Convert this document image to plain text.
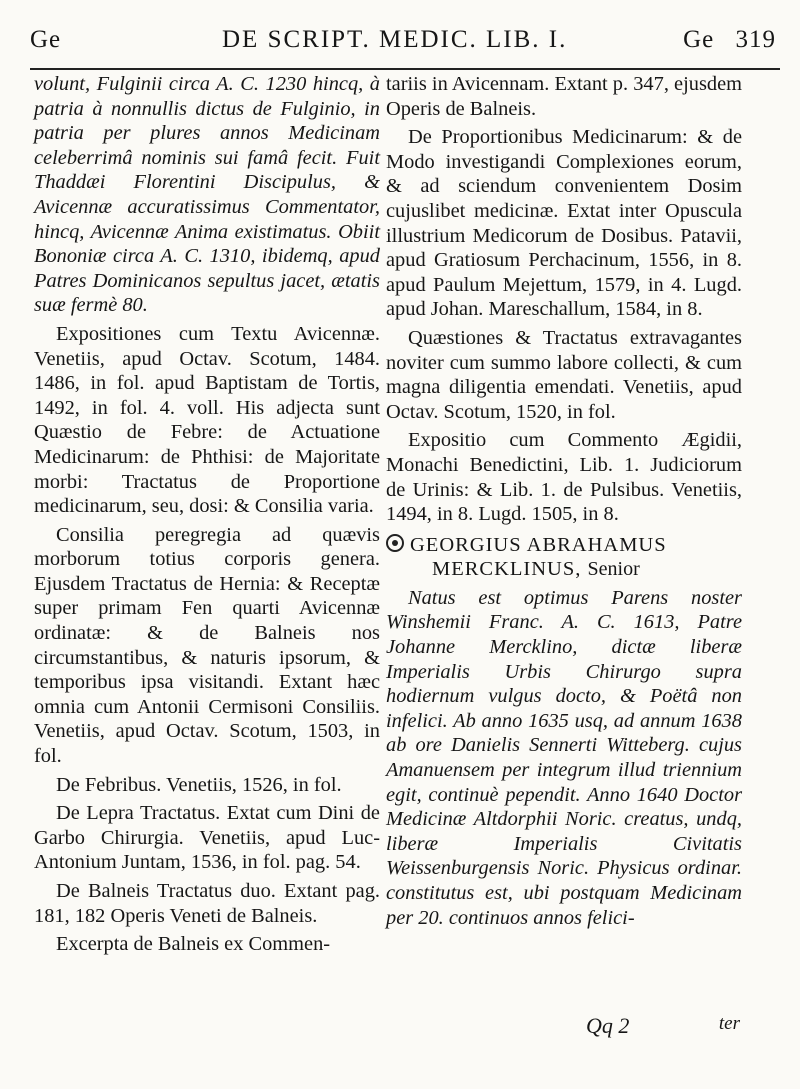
Ge	DE SCRIPT. MEDIC. LIB. I.	Ge 319

volunt, Fulginii circa A. C. 1230 hincq, à patria à nonnullis dictus de Fulginio, in patria per plures annos Medicinam celeberrimâ nominis sui famâ fecit. Fuit Thaddæi Florentini Discipulus, & Avicennæ accuratissimus Commentator, hincq, Avicennæ Anima existimatus. Obiit Bononiæ circa A. C. 1310, ibidemq, apud Patres Dominicanos sepultus jacet, ætatis suæ fermè 80.

Expositiones cum Textu Avicennæ. Venetiis, apud Octav. Scotum, 1484. 1486, in fol. apud Baptistam de Tortis, 1492, in fol. 4. voll. His adjecta sunt Quæstio de Febre: de Actuatione Medicinarum: de Phthisi: de Majoritate morbi: Tractatus de Proportione medicinarum, seu, dosi: & Consilia varia.

Consilia peregregia ad quævis morborum totius corporis genera. Ejusdem Tractatus de Hernia: & Receptæ super primam Fen quarti Avicennæ ordinatæ: & de Balneis nos circumstantibus, & naturis ipsorum, & temporibus ipsa visitandi. Extant hæc omnia cum Antonii Cermisoni Consiliis. Venetiis, apud Octav. Scotum, 1503, in fol.

De Febribus. Venetiis, 1526, in fol.

De Lepra Tractatus. Extat cum Dini de Garbo Chirurgia. Venetiis, apud Luc-Antonium Juntam, 1536, in fol. pag. 54.

De Balneis Tractatus duo. Extant pag. 181, 182 Operis Veneti de Balneis.

Excerpta de Balneis ex Commen-

tariis in Avicennam. Extant p. 347, ejusdem Operis de Balneis.

De Proportionibus Medicinarum: & de Modo investigandi Complexiones eorum, & ad sciendum convenientem Dosim cujuslibet medicinæ. Extat inter Opuscula illustrium Medicorum de Dosibus. Patavii, apud Gratiosum Perchacinum, 1556, in 8. apud Paulum Mejettum, 1579, in 4. Lugd. apud Johan. Mareschallum, 1584, in 8.

Quæstiones & Tractatus extravagantes noviter cum summo labore collecti, & cum magna diligentia emendati. Venetiis, apud Octav. Scotum, 1520, in fol.

Expositio cum Commento Ægidii, Monachi Benedictini, Lib. 1. Judiciorum de Urinis: & Lib. 1. de Pulsibus. Venetiis, 1494, in 8. Lugd. 1505, in 8.

GEORGIUS ABRAHAMUS
MERCKLINUS, Senior

Natus est optimus Parens noster Winshemii Franc. A. C. 1613, Patre Johanne Mercklino, dictæ liberæ Imperialis Urbis Chirurgo supra hodiernum vulgus docto, & Poëtâ non infelici. Ab anno 1635 usq, ad annum 1638 ab ore Danielis Sennerti Witteberg. cujus Amanuensem per integrum illud triennium egit, continuè pependit. Anno 1640 Doctor Medicinæ Altdorphii Noric. creatus, undq, liberæ Imperialis Civitatis Weissenburgensis Noric. Physicus ordinar. constitutus est, ubi postquam Medicinam per 20. continuos annos felici-

Qq 2	ter
